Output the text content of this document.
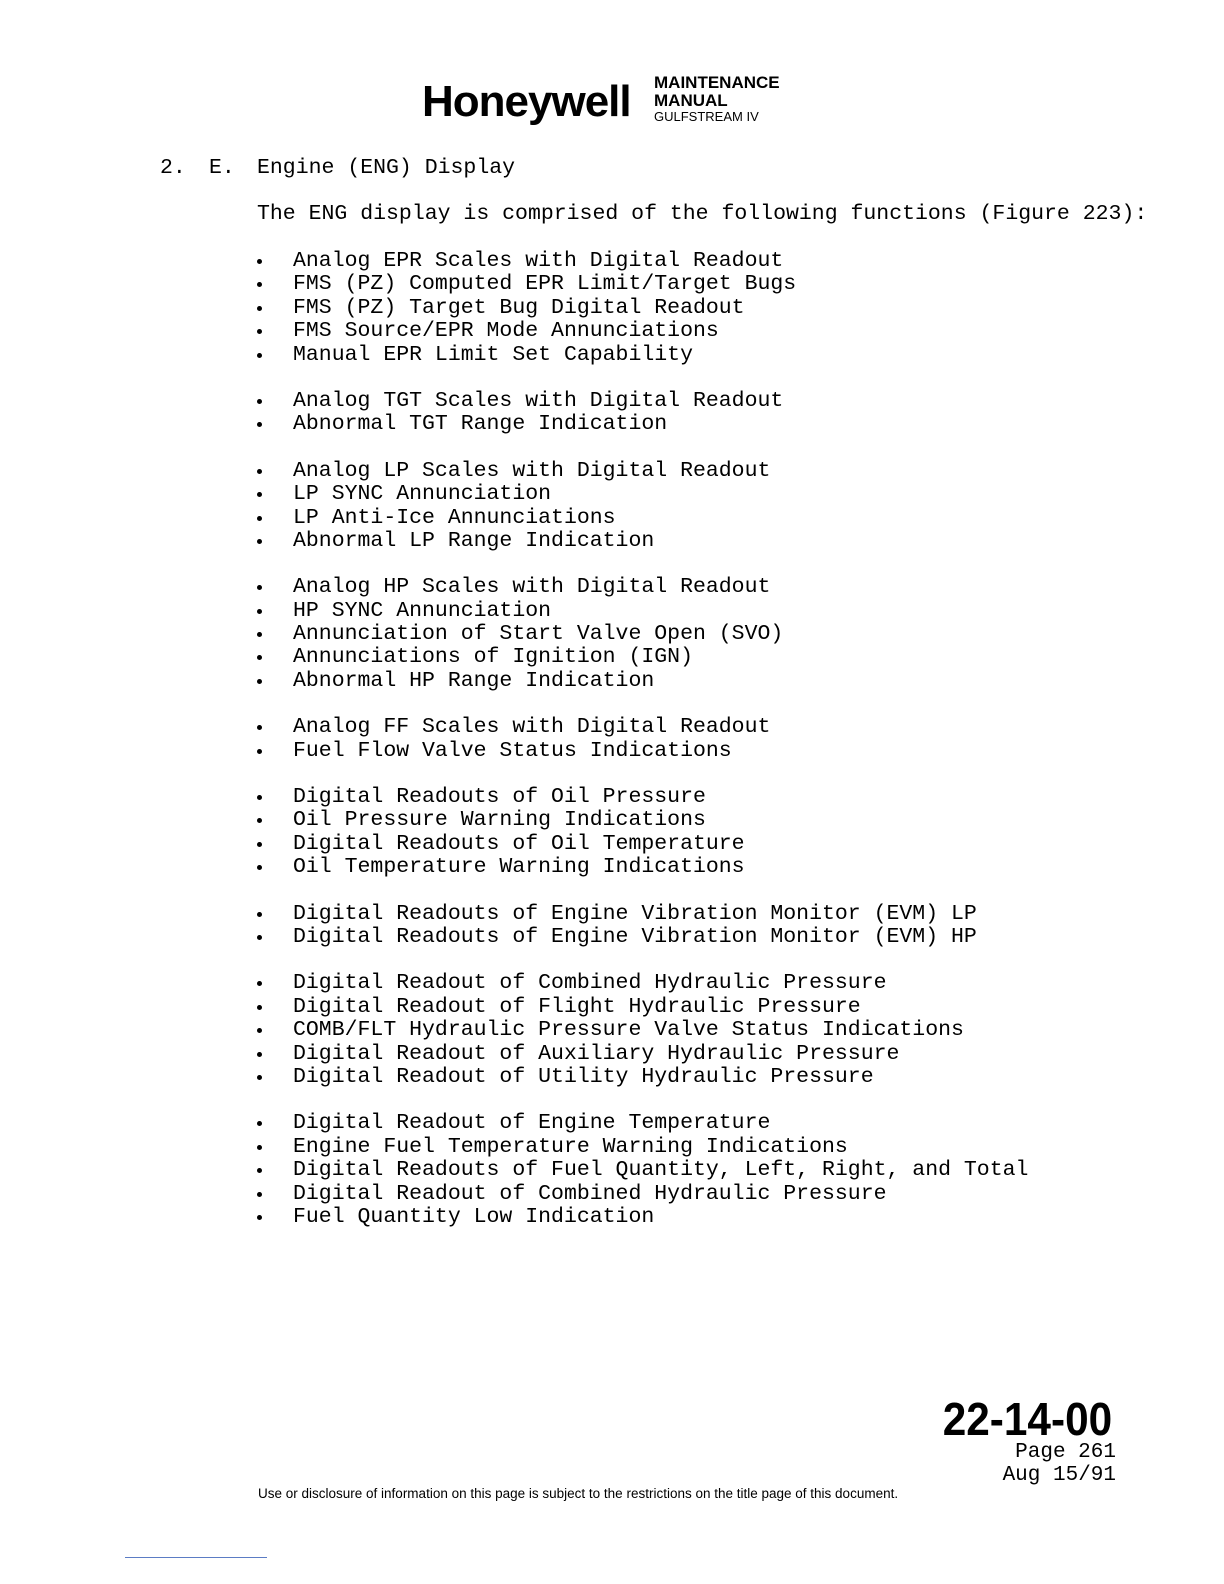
Honeywell MAINTENANCE
MANUAL
GULFSTREAM IV
2. E. Engine (ENG) Display
The ENG display is comprised of the following functions (Figure 223):
Analog EPR Scales with Digital Readout
FMS (PZ) Computed EPR Limit/Target Bugs
FMS (PZ) Target Bug Digital Readout
FMS Source/EPR Mode Annunciations
Manual EPR Limit Set Capability
Analog TGT Scales with Digital Readout
Abnormal TGT Range Indication
Analog LP Scales with Digital Readout
LP SYNC Annunciation
LP Anti-Ice Annunciations
Abnormal LP Range Indication
Analog HP Scales with Digital Readout
HP SYNC Annunciation
Annunciation of Start Valve Open (SVO)
Annunciations of Ignition (IGN)
Abnormal HP Range Indication
Analog FF Scales with Digital Readout
Fuel Flow Valve Status Indications
Digital Readouts of Oil Pressure
Oil Pressure Warning Indications
Digital Readouts of Oil Temperature
Oil Temperature Warning Indications
Digital Readouts of Engine Vibration Monitor (EVM) LP
Digital Readouts of Engine Vibration Monitor (EVM) HP
Digital Readout of Combined Hydraulic Pressure
Digital Readout of Flight Hydraulic Pressure
COMB/FLT Hydraulic Pressure Valve Status Indications
Digital Readout of Auxiliary Hydraulic Pressure
Digital Readout of Utility Hydraulic Pressure
Digital Readout of Engine Temperature
Engine Fuel Temperature Warning Indications
Digital Readouts of Fuel Quantity, Left, Right, and Total
Digital Readout of Combined Hydraulic Pressure
Fuel Quantity Low Indication
22-14-00
Page 261
Aug 15/91
Use or disclosure of information on this page is subject to the restrictions on the title page of this document.
